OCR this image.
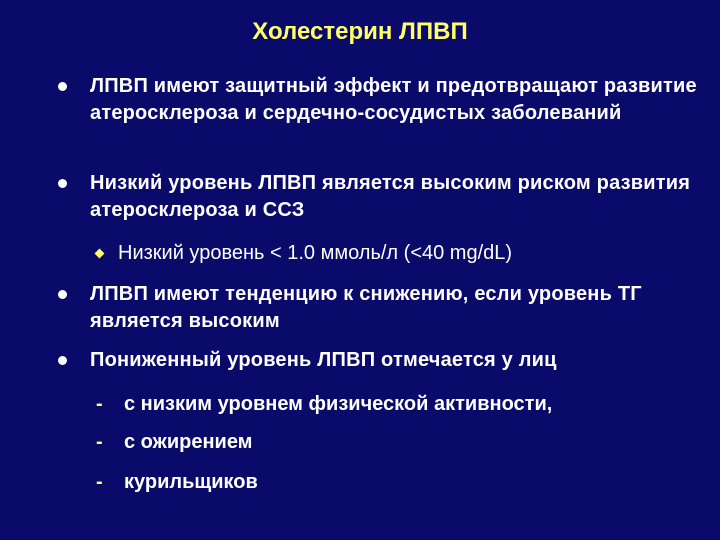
Холестерин ЛПВП
ЛПВП имеют защитный эффект и предотвращают развитие атеросклероза и сердечно-сосудистых заболеваний
Низкий уровень ЛПВП является высоким риском развития атеросклероза и ССЗ
Низкий уровень < 1.0 ммоль/л (<40 mg/dL)
ЛПВП имеют тенденцию к снижению, если уровень ТГ является высоким
Пониженный уровень ЛПВП отмечается у лиц
- с низким уровнем физической активности,
- с ожирением
- курильщиков
